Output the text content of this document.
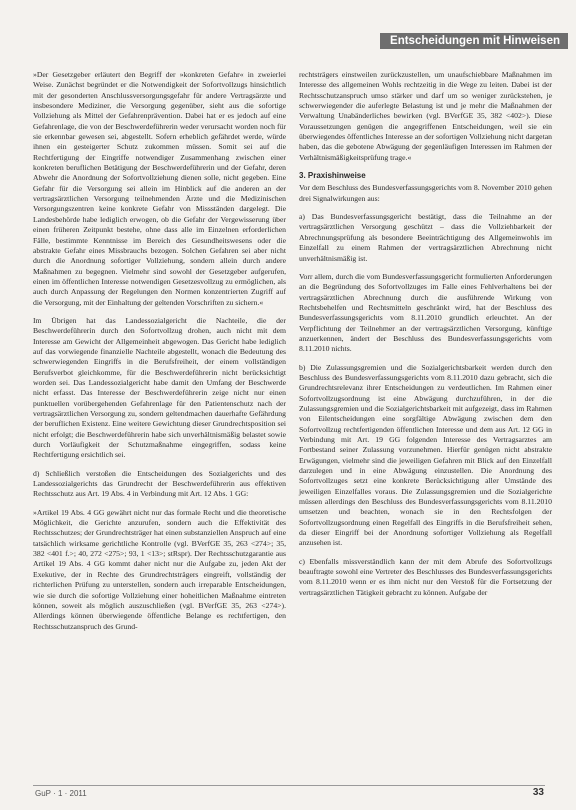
Entscheidungen mit Hinweisen

»Der Gesetzgeber erläutert den Begriff der »konkreten Gefahr« in zweierlei Weise. Zunächst begründet er die Notwendigkeit der Sofortvollzugs hinsichtlich mit der gesonderten Anschlussversorgungsgefahr für andere Vertragsärzte und insbesondere Mediziner, die Versorgung gegenüber, sieht aus die sofortige Vollziehung als Mittel der Gefahrenprävention. Dabei hat er es jedoch auf eine Gefahrenlage, die von der Beschwerdeführerin weder verursacht worden noch für sie erkennbar gewesen sei, abgestellt. Sofern erheblich gefährdet werde, würde ihnen ein gesteigerter Schutz zukommen müssen. Somit sei auf die Rechtfertigung der Eingriffe notwendiger Zusammenhang zwischen einer konkreten beruflichen Betätigung der Beschwerdeführerin und der Gefahr, deren Abwehr die Anordnung der Sofortvollziehung dienen solle, nicht gegeben. Eine Gefahr für die Versorgung sei allein im Hinblick auf die anderen an der vertragsärztlichen Versorgung teilnehmenden Ärzte und die Medizinischen Versorgungszentren keine konkrete Gefahr von Missständen dargelegt. Die Landesbehörde habe lediglich erwogen, ob die Gefahr der Vergewisserung über einen früheren Zeitpunkt bestehe, ohne dass alle im Einzelnen erforderlichen Fälle, bestimmte Kenntnisse im Bereich des Gesundheitswesens oder die abstrakte Gefahr eines Missbrauchs bezogen. Solchen Gefahren sei aber nicht durch die Anordnung sofortiger Vollziehung, sondern allein durch andere Maßnahmen zu begegnen. Vielmehr sind sowohl der Gesetzgeber aufgerufen, einen im öffentlichen Interesse notwendigen Gesetzesvollzug zu ermöglichen, als auch durch Anpassung der Regelungen den Normen konzentrierten Zugriff auf die Versorgung, mit der Einhaltung der geltenden Vorschriften zu sichern.«

Im Übrigen hat das Landessozialgericht die Nachteile, die der Beschwerdeführerin durch den Sofortvollzug drohen, auch nicht mit dem Interesse am Gewicht der Allgemeinheit abgewogen. Das Gericht habe lediglich auf das vorwiegende finanzielle Nachteile abgestellt, wonach die Bedeutung des schwerwiegenden Eingriffs in die Berufsfreiheit, der einem vollständigen Berufsverbot gleichkomme, für die Beschwerdeführerin nicht berücksichtigt worden sei. Das Landessozialgericht habe damit den Umfang der Beschwerde nicht erfasst. Das Interesse der Beschwerdeführerin zeige nicht nur einen punktuellen vorübergehenden Gefahrenlage für den Patientenschutz nach der vertragsärztlichen Versorgung zu, sondern geltendmachen dauerhafte Gefährdung der beruflichen Existenz. Eine weitere Gewichtung dieser Grundrechtsposition sei nicht erfolgt; die Beschwerdeführerin habe sich unverhältnismäßig belastet sowie durch Vorläufigkeit der Schutzmaßnahme eingegriffen, sodass keine Rechtfertigung ersichtlich sei.

d) Schließlich verstoßen die Entscheidungen des Sozialgerichts und des Landessozialgerichts das Grundrecht der Beschwerdeführerin aus effektiven Rechtsschutz aus Art. 19 Abs. 4 in Verbindung mit Art. 12 Abs. 1 GG:

»Artikel 19 Abs. 4 GG gewährt nicht nur das formale Recht und die theoretische Möglichkeit, die Gerichte anzurufen, sondern auch die Effektivität des Rechtsschutzes; der Grundrechtsträger hat einen substanziellen Anspruch auf eine tatsächlich wirksame gerichtliche Kontrolle (vgl. BVerfGE 35, 263 <274>; 35, 382 <401 f.>; 40, 272 <275>; 93, 1 <13>; stRspr). Der Rechtsschutzgarantie aus Artikel 19 Abs. 4 GG kommt daher nicht nur die Aufgabe zu, jeden Akt der Exekutive, der in Rechte des Grundrechtsträgers eingreift, vollständig der richterlichen Prüfung zu unterstellen, sondern auch irreparable Entscheidungen, wie sie durch die sofortige Vollziehung einer hoheitlichen Maßnahme eintreten können, soweit als möglich auszuschließen (vgl. BVerfGE 35, 263 <274>). Allerdings können überwiegende öffentliche Belange es rechtfertigen, den Rechtsschutzanspruch des Grund-

rechtsträgers einstweilen zurückzustellen, um unaufschiebbare Maßnahmen im Interesse des allgemeinen Wohls rechtzeitig in die Wege zu leiten. Dabei ist der Rechtsschutzanspruch umso stärker und darf um so weniger zurückstehen, je schwerwiegender die auferlegte Belastung ist und je mehr die Maßnahmen der Verwaltung Unabänderliches bewirken (vgl. BVerfGE 35, 382 <402>). Diese Voraussetzungen genügen die angegriffenen Entscheidungen, weil sie ein überwiegendes öffentliches Interesse an der sofortigen Vollziehung nicht dargetan haben, das die gebotene Abwägung der gegenläufigen Interessen im Rahmen der Verhältnismäßigkeitsprüfung trage.«

3. Praxishinweise

Vor dem Beschluss des Bundesverfassungsgerichts vom 8. November 2010 gehen drei Signalwirkungen aus:

a) Das Bundesverfassungsgericht bestätigt, dass die Teilnahme an der vertragsärztlichen Versorgung geschützt – dass die Vollziehbarkeit der Abrechnungsprüfung als besondere Beeinträchtigung des Allgemeinwohls im Einzelfall zu einem Rahmen der vertragsärztlichen Abrechnung nicht unverhältnismäßig ist.

Vorr allem, durch die vom Bundesverfassungsgericht formulierten Anforderungen an die Begründung des Sofortvollzuges im Falle eines Fehlverhaltens bei der vertragsärztlichen Abrechnung durch die ausführende Wirkung von Rechtsbehelfen und Rechtsmitteln geschränkt wird, hat der Beschluss des Bundesverfassungsgerichts vom 8.11.2010 grundlich erleuchtet. An der Verpflichtung der Teilnehmer an der vertragsärztlichen Versorgung, künftige anzuerkennen, ändert der Beschluss des Bundesverfassungsgerichts vom 8.11.2010 nichts.

b) Die Zulassungsgremien und die Sozialgerichtsbarkeit werden durch den Beschluss des Bundesverfassungsgerichts vom 8.11.2010 dazu gebracht, sich die Grundrechtsrelevanz ihrer Entscheidungen zu verdeutlichen. Im Rahmen einer Sofortvollzugsordnung ist eine Abwägung durchzuführen, in der die Zulassungsgremien und die Sozialgerichtsbarkeit mit aufgezeigt, dass im Rahmen von Eilentscheidungen eine sorgfältige Abwägung zwischen dem den Sofortvollzug rechtfertigenden öffentlichen Interesse und dem aus Art. 12 GG in Verbindung mit Art. 19 GG folgenden Interesse des Vertragsarztes am Fortbestand seiner Zulassung vorzunehmen. Hierfür genügen nicht abstrakte Erwägungen, vielmehr sind die jeweiligen Gefahren mit Blick auf den Einzelfall darzulegen und in eine Abwägung einzustellen. Die Anordnung des Sofortvollzuges setzt eine konkrete Berücksichtigung aller Umstände des jeweiligen Einzelfalles voraus. Die Zulassungsgremien und die Sozialgerichte müssen allerdings den Beschluss des Bundesverfassungsgerichts vom 8.11.2010 umsetzen und beachten, wonach sie in den Rechtsfolgen der Sofortvollzugsordnung einen Regelfall des Eingriffs in die Berufsfreiheit sehen, da dieser Eingriff bei der Anordnung sofortiger Vollziehung als Regelfall anzusehen ist.

c) Ebenfalls missverständlich kann der mit dem Abrufe des Sofortvollzugs beauftragte sowohl eine Vertreter des Beschlusses des Bundesverfassungsgerichts vom 8.11.2010 wenn er es ihm nicht nur den Verstoß für die Fortsetzung der vertragsärztlichen Tätigkeit gebracht zu können. Aufgabe der

GuP · 1 · 2011	33
